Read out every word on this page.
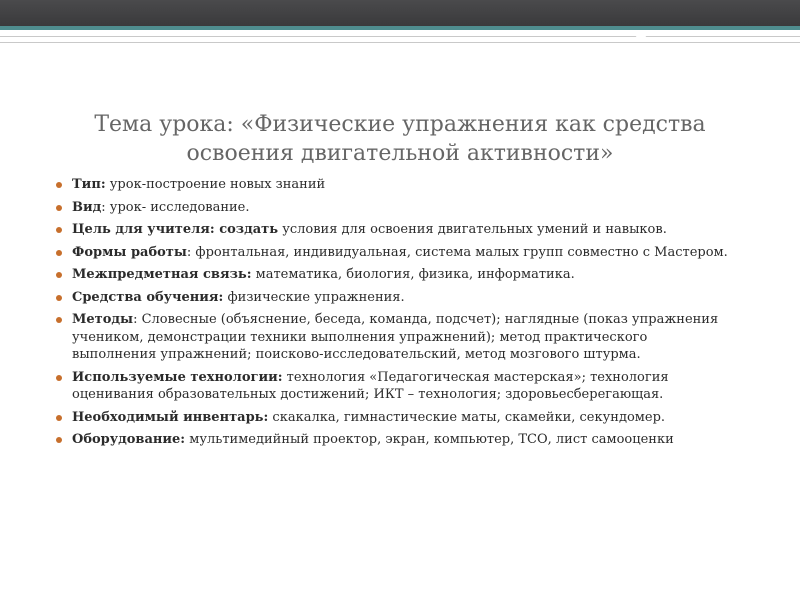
Тема урока: «Физические упражнения как средства
освоения двигательной активности»
Тип: урок-построение новых знаний
Вид: урок- исследование.
Цель для учителя: создать условия для освоения двигательных умений и навыков.
Формы работы: фронтальная, индивидуальная, система малых групп совместно с Мастером.
Межпредметная связь: математика, биология, физика, информатика.
Средства обучения: физические упражнения.
Методы: Словесные (объяснение, беседа, команда, подсчет); наглядные (показ упражнения учеником, демонстрации техники выполнения упражнений); метод практического выполнения упражнений; поисково-исследовательский, метод мозгового штурма.
Используемые технологии: технология «Педагогическая мастерская»; технология оценивания образовательных достижений; ИКТ – технология; здоровьесберегающая.
Необходимый инвентарь: скакалка, гимнастические маты, скамейки, секундомер.
Оборудование: мультимедийный проектор, экран, компьютер, ТСО, лист самооценки
